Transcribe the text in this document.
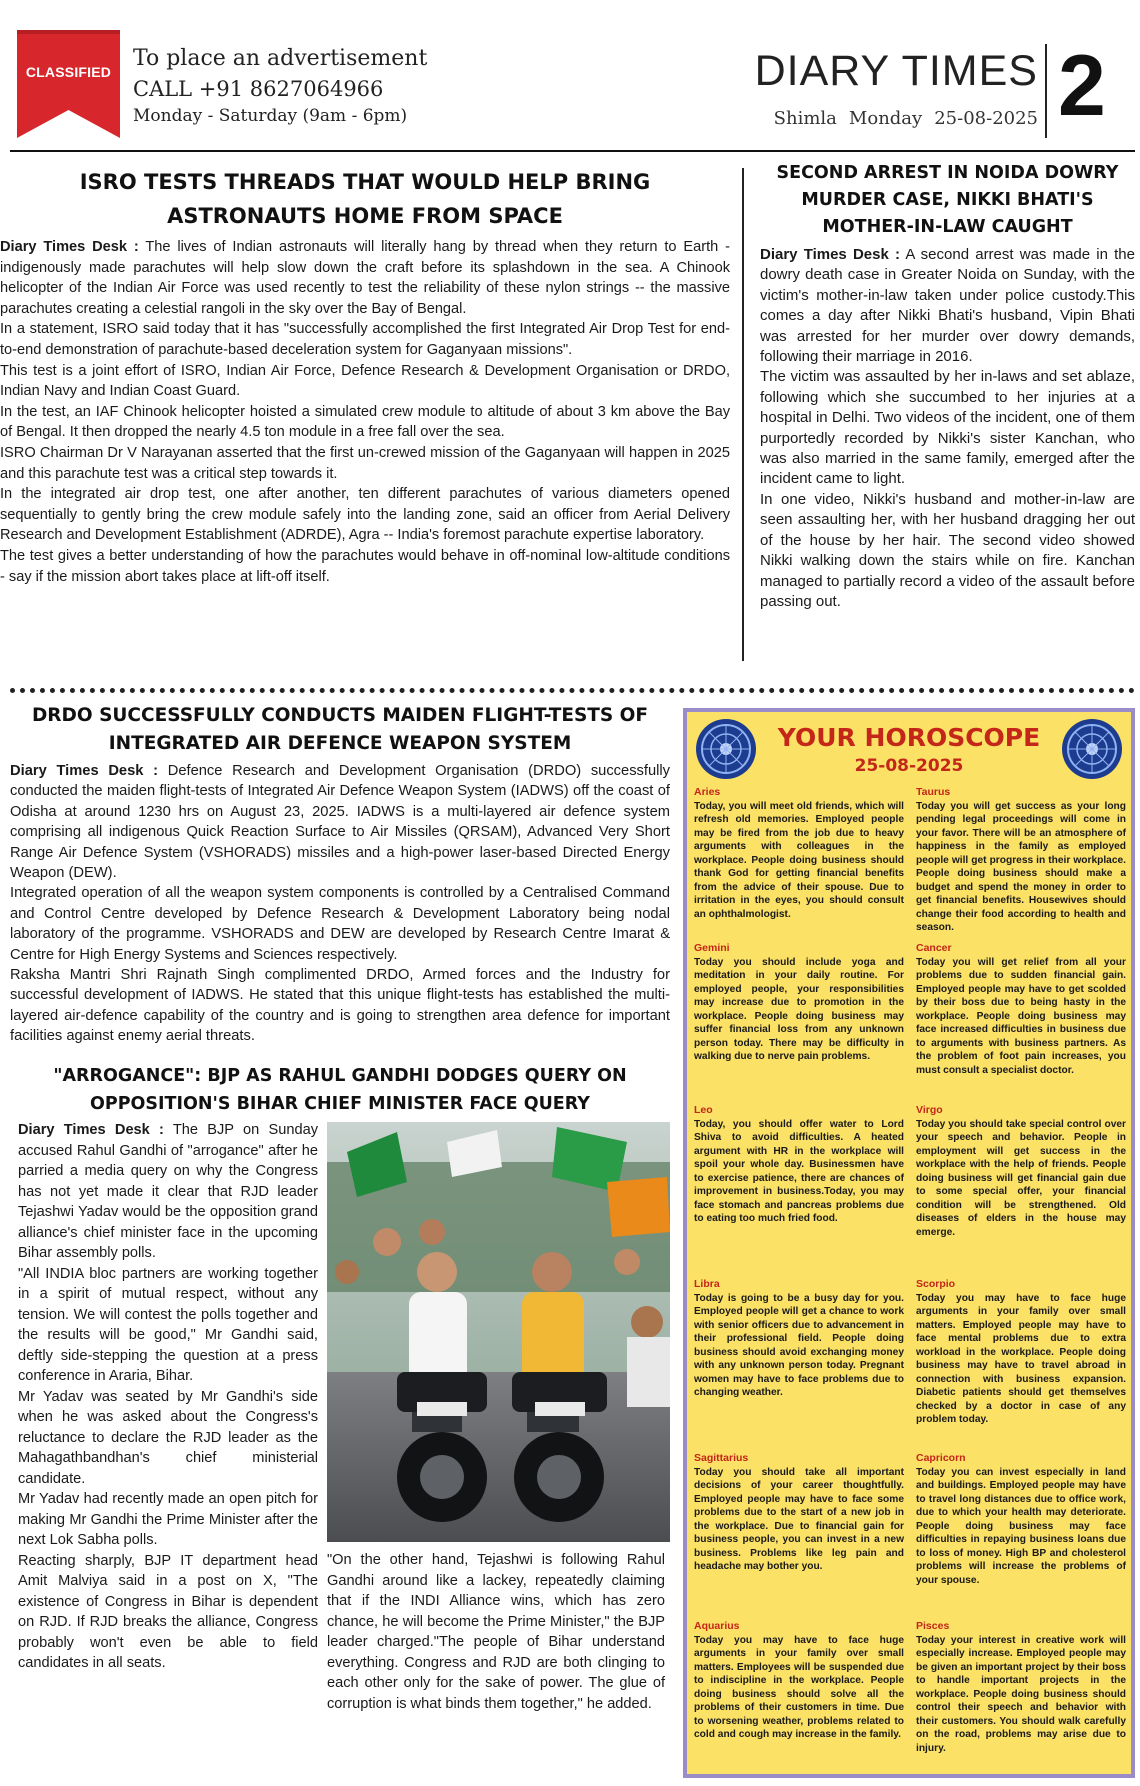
CLASSIFIED
To place an advertisement
CALL +91 8627064966
Monday - Saturday (9am - 6pm)
DIARY TIMES
Shimla Monday 25-08-2025 2
ISRO TESTS THREADS THAT WOULD HELP BRING ASTRONAUTS HOME FROM SPACE

Diary Times Desk : The lives of Indian astronauts will literally hang by thread when they return to Earth -indigenously made parachutes will help slow down the craft before its splashdown in the sea. A Chinook helicopter of the Indian Air Force was used recently to test the reliability of these nylon strings -- the massive parachutes creating a celestial rangoli in the sky over the Bay of Bengal.

In a statement, ISRO said today that it has "successfully accomplished the first Integrated Air Drop Test for end-to-end demonstration of parachute-based deceleration system for Gaganyaan missions".

This test is a joint effort of ISRO, Indian Air Force, Defence Research & Development Organisation or DRDO, Indian Navy and Indian Coast Guard.

In the test, an IAF Chinook helicopter hoisted a simulated crew module to altitude of about 3 km above the Bay of Bengal. It then dropped the nearly 4.5 ton module in a free fall over the sea.

ISRO Chairman Dr V Narayanan asserted that the first un-crewed mission of the Gaganyaan will happen in 2025 and this parachute test was a critical step towards it.

In the integrated air drop test, one after another, ten different parachutes of various diameters opened sequentially to gently bring the crew module safely into the landing zone, said an officer from Aerial Delivery Research and Development Establishment (ADRDE), Agra -- India's foremost parachute expertise laboratory.

The test gives a better understanding of how the parachutes would behave in off-nominal low-altitude conditions - say if the mission abort takes place at lift-off itself.

SECOND ARREST IN NOIDA DOWRY MURDER CASE, NIKKI BHATI'S MOTHER-IN-LAW CAUGHT

Diary Times Desk : A second arrest was made in the dowry death case in Greater Noida on Sunday, with the victim's mother-in-law taken under police custody.This comes a day after Nikki Bhati's husband, Vipin Bhati was arrested for her murder over dowry demands, following their marriage in 2016.

The victim was assaulted by her in-laws and set ablaze, following which she succumbed to her injuries at a hospital in Delhi. Two videos of the incident, one of them purportedly recorded by Nikki's sister Kanchan, who was also married in the same family, emerged after the incident came to light.

In one video, Nikki's husband and mother-in-law are seen assaulting her, with her husband dragging her out of the house by her hair. The second video showed Nikki walking down the stairs while on fire. Kanchan managed to partially record a video of the assault before passing out.

DRDO SUCCESSFULLY CONDUCTS MAIDEN FLIGHT-TESTS OF INTEGRATED AIR DEFENCE WEAPON SYSTEM

Diary Times Desk : Defence Research and Development Organisation (DRDO) successfully conducted the maiden flight-tests of Integrated Air Defence Weapon System (IADWS) off the coast of Odisha at around 1230 hrs on August 23, 2025. IADWS is a multi-layered air defence system comprising all indigenous Quick Reaction Surface to Air Missiles (QRSAM), Advanced Very Short Range Air Defence System (VSHORADS) missiles and a high-power laser-based Directed Energy Weapon (DEW).

Integrated operation of all the weapon system components is controlled by a Centralised Command and Control Centre developed by Defence Research & Development Laboratory being nodal laboratory of the programme. VSHORADS and DEW are developed by Research Centre Imarat & Centre for High Energy Systems and Sciences respectively.

Raksha Mantri Shri Rajnath Singh complimented DRDO, Armed forces and the Industry for successful development of IADWS. He stated that this unique flight-tests has established the multi-layered air-defence capability of the country and is going to strengthen area defence for important facilities against enemy aerial threats.

"ARROGANCE": BJP AS RAHUL GANDHI DODGES QUERY ON OPPOSITION'S BIHAR CHIEF MINISTER FACE QUERY

Diary Times Desk : The BJP on Sunday accused Rahul Gandhi of "arrogance" after he parried a media query on why the Congress has not yet made it clear that RJD leader Tejashwi Yadav would be the opposition grand alliance's chief minister face in the upcoming Bihar assembly polls.

"All INDIA bloc partners are working together in a spirit of mutual respect, without any tension. We will contest the polls together and the results will be good," Mr Gandhi said, deftly side-stepping the question at a press conference in Araria, Bihar.

Mr Yadav was seated by Mr Gandhi's side when he was asked about the Congress's reluctance to declare the RJD leader as the Mahagathbandhan's chief ministerial candidate.

Mr Yadav had recently made an open pitch for making Mr Gandhi the Prime Minister after the next Lok Sabha polls.

Reacting sharply, BJP IT department head Amit Malviya said in a post on X, "The existence of Congress in Bihar is dependent on RJD. If RJD breaks the alliance, Congress probably won't even be able to field candidates in all seats.

"On the other hand, Tejashwi is following Rahul Gandhi around like a lackey, repeatedly claiming that if the INDI Alliance wins, which has zero chance, he will become the Prime Minister," the BJP leader charged."The people of Bihar understand everything. Congress and RJD are both clinging to each other only for the sake of power. The glue of corruption is what binds them together," he added.

YOUR HOROSCOPE
25-08-2025
Aries
Today, you will meet old friends, which will refresh old memories. Employed people may be fired from the job due to heavy arguments with colleagues in the workplace. People doing business should thank God for getting financial benefits from the advice of their spouse. Due to irritation in the eyes, you should consult an ophthalmologist.
Taurus
Today you will get success as your long pending legal proceedings will come in your favor. There will be an atmosphere of happiness in the family as employed people will get progress in their workplace. People doing business should make a budget and spend the money in order to get financial benefits. Housewives should change their food according to health and season.
Gemini
Today you should include yoga and meditation in your daily routine. For employed people, your responsibilities may increase due to promotion in the workplace. People doing business may suffer financial loss from any unknown person today. There may be difficulty in walking due to nerve pain problems.
Cancer
Today you will get relief from all your problems due to sudden financial gain. Employed people may have to get scolded by their boss due to being hasty in the workplace. People doing business may face increased difficulties in business due to arguments with business partners. As the problem of foot pain increases, you must consult a specialist doctor.
Leo
Today, you should offer water to Lord Shiva to avoid difficulties. A heated argument with HR in the workplace will spoil your whole day. Businessmen have to exercise patience, there are chances of improvement in business.Today, you may face stomach and pancreas problems due to eating too much fried food.
Virgo
Today you should take special control over your speech and behavior. People in employment will get success in the workplace with the help of friends. People doing business will get financial gain due to some special offer, your financial condition will be strengthened. Old diseases of elders in the house may emerge.
Libra
Today is going to be a busy day for you. Employed people will get a chance to work with senior officers due to advancement in their professional field. People doing business should avoid exchanging money with any unknown person today. Pregnant women may have to face problems due to changing weather.
Scorpio
Today you may have to face huge arguments in your family over small matters. Employed people may have to face mental problems due to extra workload in the workplace. People doing business may have to travel abroad in connection with business expansion. Diabetic patients should get themselves checked by a doctor in case of any problem today.
Sagittarius
Today you should take all important decisions of your career thoughtfully. Employed people may have to face some problems due to the start of a new job in the workplace. Due to financial gain for business people, you can invest in a new business. Problems like leg pain and headache may bother you.
Capricorn
Today you can invest especially in land and buildings. Employed people may have to travel long distances due to office work, due to which your health may deteriorate. People doing business may face difficulties in repaying business loans due to loss of money. High BP and cholesterol problems will increase the problems of your spouse.
Aquarius
Today you may have to face huge arguments in your family over small matters. Employees will be suspended due to indiscipline in the workplace. People doing business should solve all the problems of their customers in time. Due to worsening weather, problems related to cold and cough may increase in the family.
Pisces
Today your interest in creative work will especially increase. Employed people may be given an important project by their boss to handle important projects in the workplace. People doing business should control their speech and behavior with their customers. You should walk carefully on the road, problems may arise due to injury.
